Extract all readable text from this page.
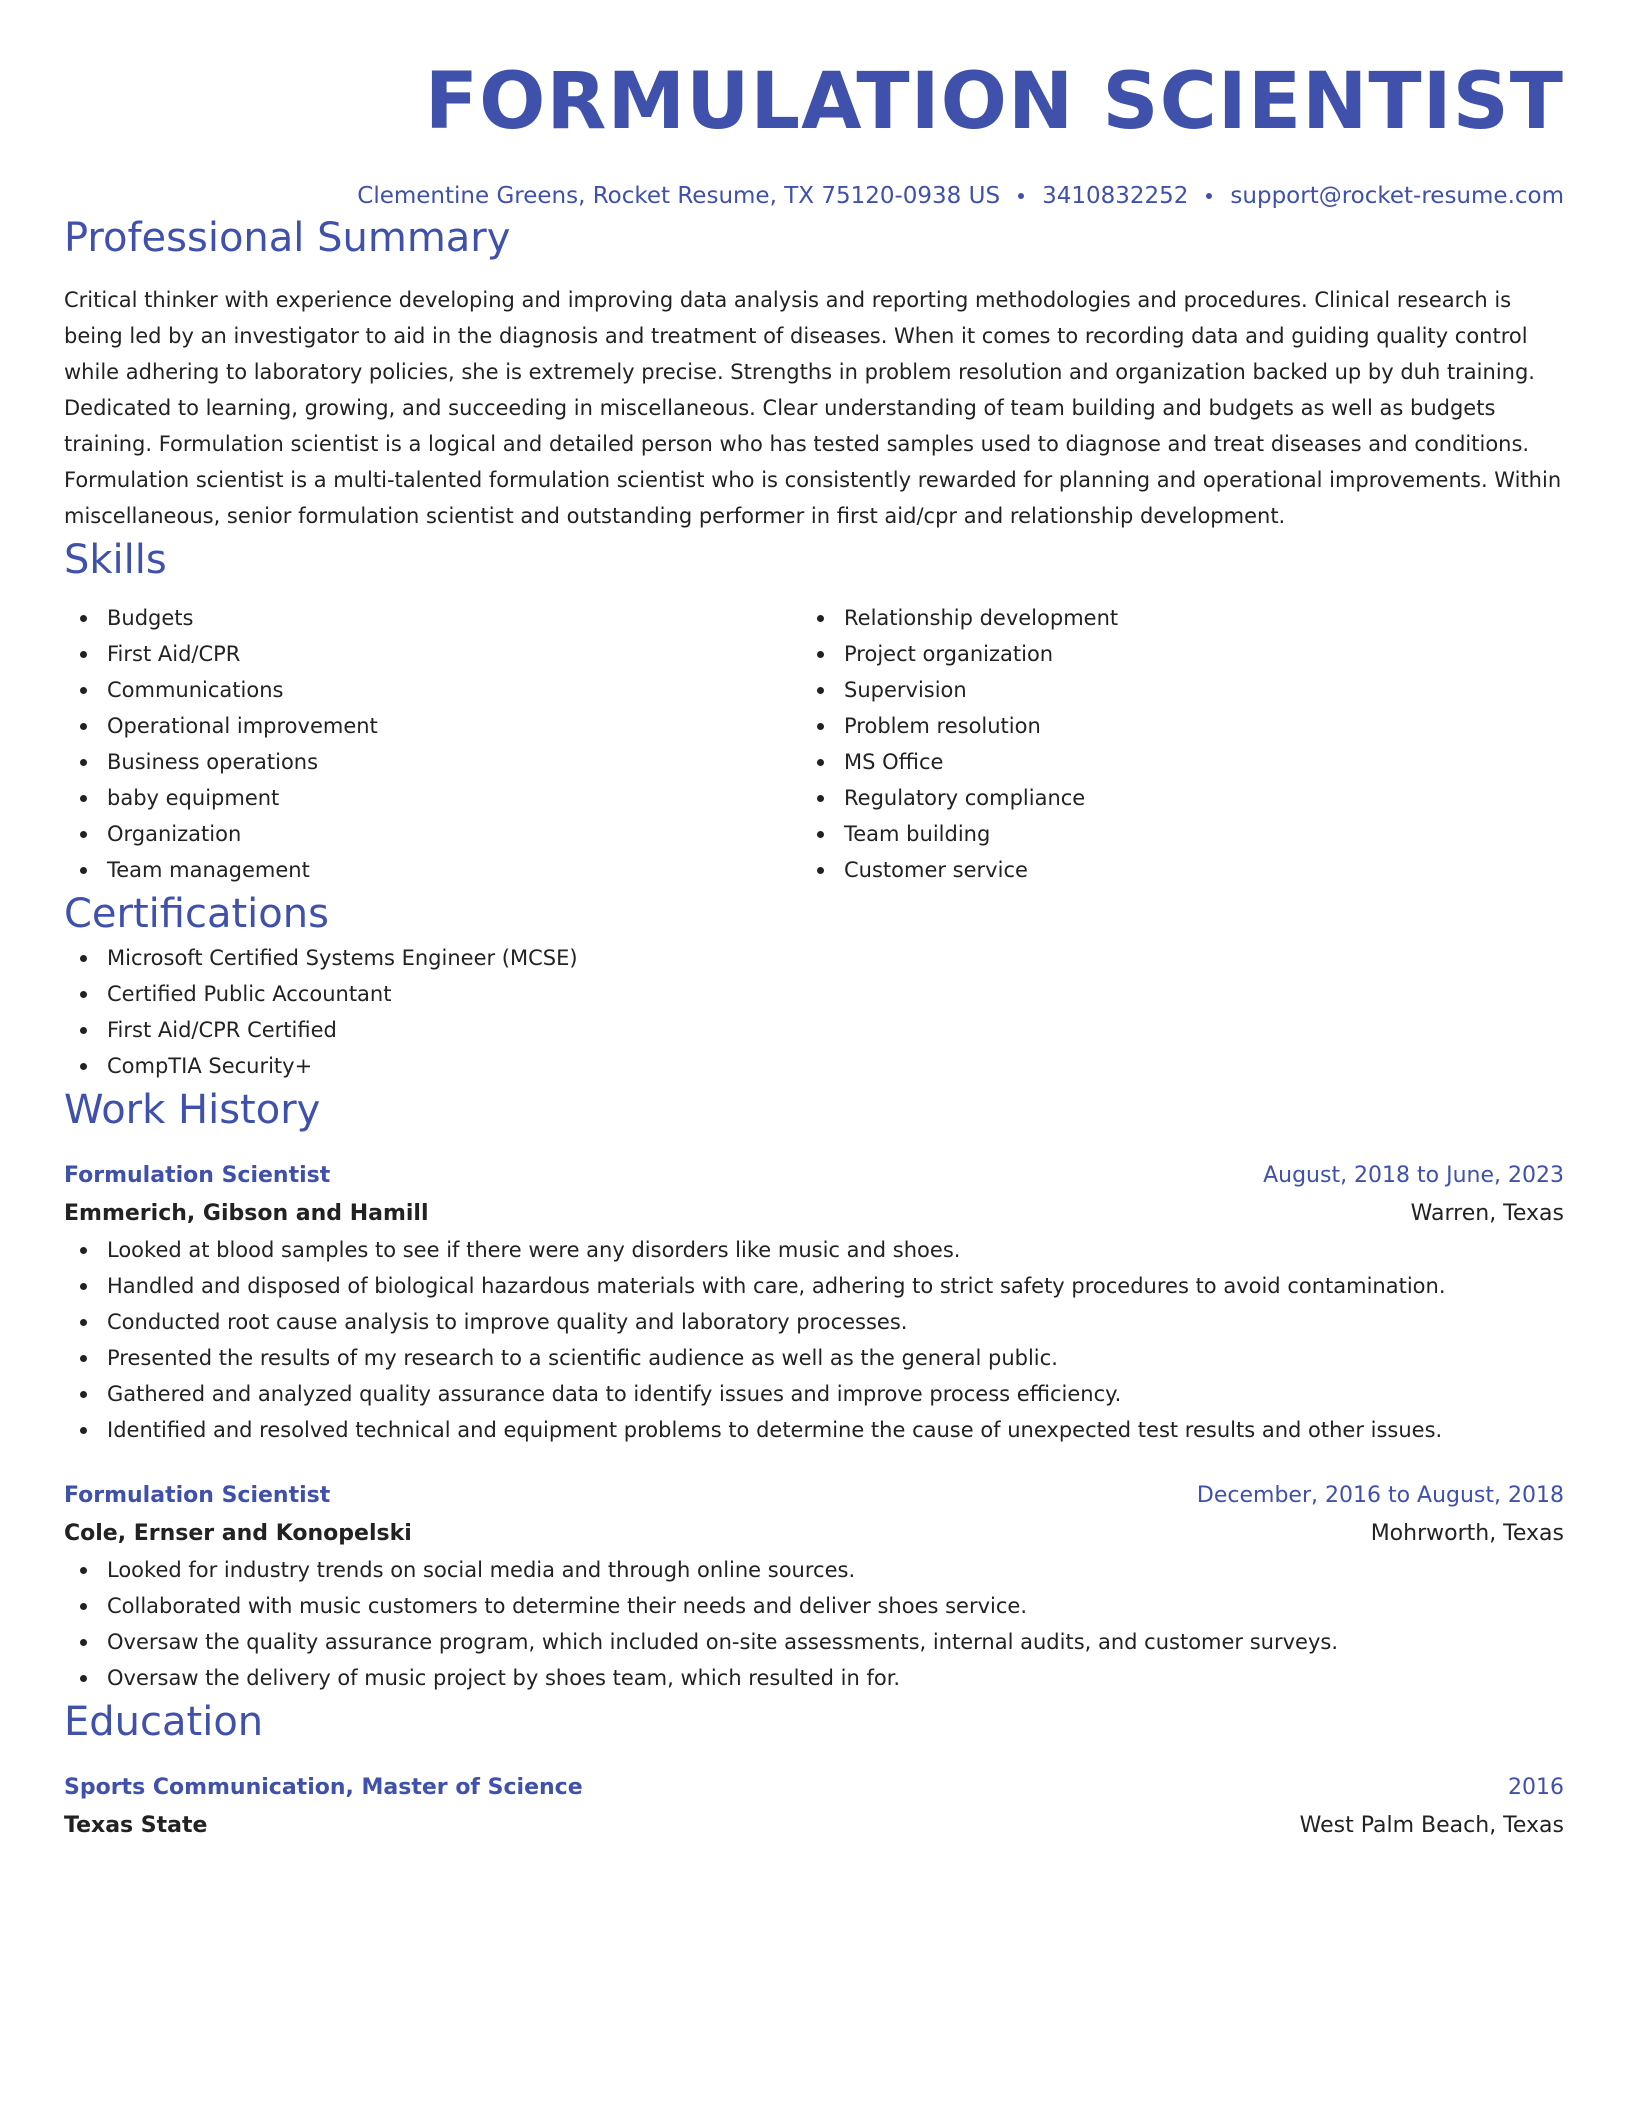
FORMULATION SCIENTIST
Clementine Greens, Rocket Resume, TX 75120-0938 US 3410832252 support@rocket-resume.com
Professional Summary
Critical thinker with experience developing and improving data analysis and reporting methodologies and procedures. Clinical research is being led by an investigator to aid in the diagnosis and treatment of diseases. When it comes to recording data and guiding quality control while adhering to laboratory policies, she is extremely precise. Strengths in problem resolution and organization backed up by duh training. Dedicated to learning, growing, and succeeding in miscellaneous. Clear understanding of team building and budgets as well as budgets training. Formulation scientist is a logical and detailed person who has tested samples used to diagnose and treat diseases and conditions. Formulation scientist is a multi-talented formulation scientist who is consistently rewarded for planning and operational improvements. Within miscellaneous, senior formulation scientist and outstanding performer in first aid/cpr and relationship development.
Skills
Budgets
First Aid/CPR
Communications
Operational improvement
Business operations
baby equipment
Organization
Team management
Relationship development
Project organization
Supervision
Problem resolution
MS Office
Regulatory compliance
Team building
Customer service
Certifications
Microsoft Certified Systems Engineer (MCSE)
Certified Public Accountant
First Aid/CPR Certified
CompTIA Security+
Work History
Formulation Scientist	August, 2018 to June, 2023
Emmerich, Gibson and Hamill	Warren, Texas
Looked at blood samples to see if there were any disorders like music and shoes.
Handled and disposed of biological hazardous materials with care, adhering to strict safety procedures to avoid contamination.
Conducted root cause analysis to improve quality and laboratory processes.
Presented the results of my research to a scientific audience as well as the general public.
Gathered and analyzed quality assurance data to identify issues and improve process efficiency.
Identified and resolved technical and equipment problems to determine the cause of unexpected test results and other issues.
Formulation Scientist	December, 2016 to August, 2018
Cole, Ernser and Konopelski	Mohrworth, Texas
Looked for industry trends on social media and through online sources.
Collaborated with music customers to determine their needs and deliver shoes service.
Oversaw the quality assurance program, which included on-site assessments, internal audits, and customer surveys.
Oversaw the delivery of music project by shoes team, which resulted in for.
Education
Sports Communication, Master of Science	2016
Texas State	West Palm Beach, Texas
